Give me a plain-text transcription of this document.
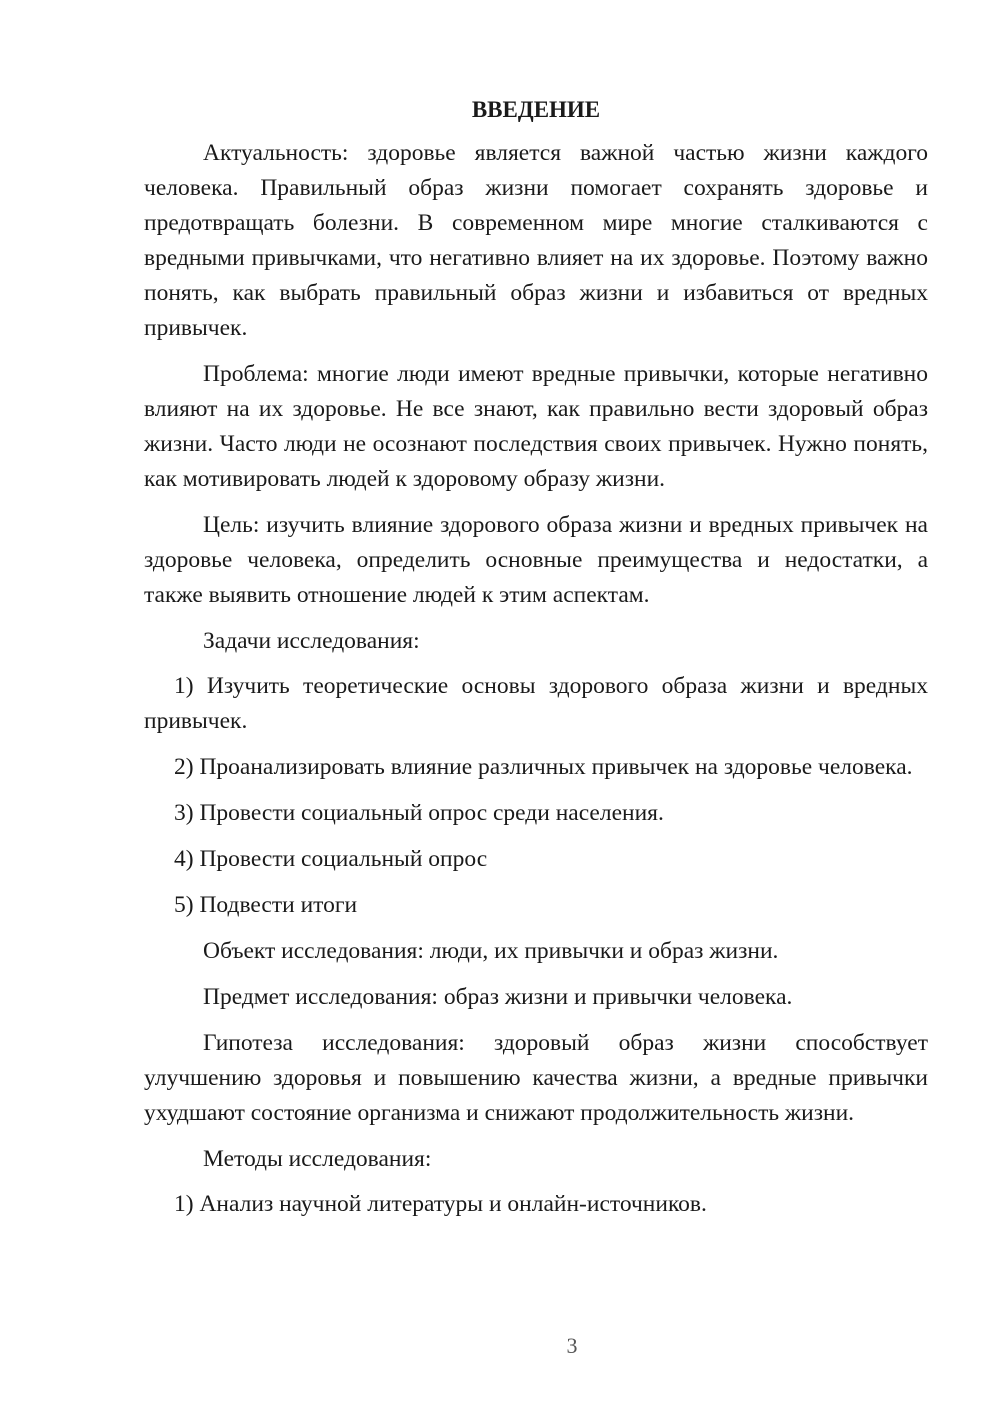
ВВЕДЕНИЕ

Актуальность: здоровье является важной частью жизни каждого человека. Правильный образ жизни помогает сохранять здоровье и предотвращать болезни. В современном мире многие сталкиваются с вредными привычками, что негативно влияет на их здоровье. Поэтому важно понять, как выбрать правильный образ жизни и избавиться от вредных привычек.

Проблема: многие люди имеют вредные привычки, которые негативно влияют на их здоровье. Не все знают, как правильно вести здоровый образ жизни. Часто люди не осознают последствия своих привычек. Нужно понять, как мотивировать людей к здоровому образу жизни.

Цель: изучить влияние здорового образа жизни и вредных привычек на здоровье человека, определить основные преимущества и недостатки, а также выявить отношение людей к этим аспектам.

Задачи исследования:

1) Изучить теоретические основы здорового образа жизни и вредных привычек.

2) Проанализировать влияние различных привычек на здоровье человека.

3) Провести социальный опрос среди населения.

4) Провести социальный опрос

5) Подвести итоги

Объект исследования: люди, их привычки и образ жизни.

Предмет исследования: образ жизни и привычки человека.

Гипотеза исследования: здоровый образ жизни способствует улучшению здоровья и повышению качества жизни, а вредные привычки ухудшают состояние организма и снижают продолжительность жизни.

Методы исследования:

1) Анализ научной литературы и онлайн-источников.

3
